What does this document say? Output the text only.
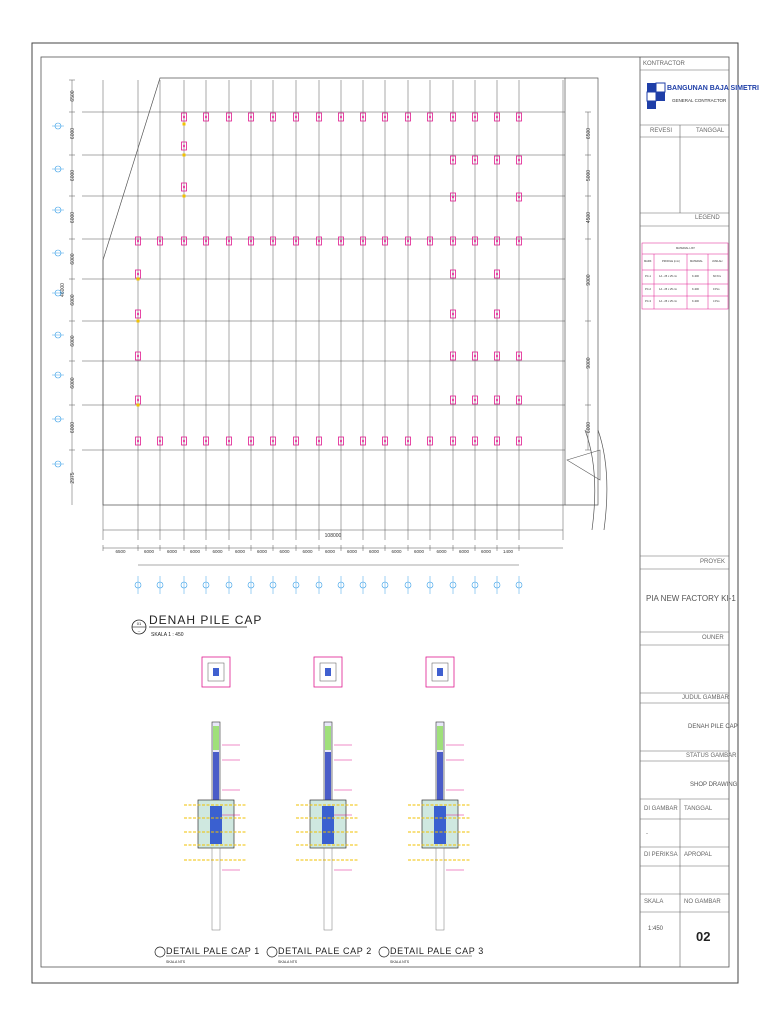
6500
6000
6000
6000
6000
6000
6000
6000
6000
46000
2975
6500
5000
4500
9000
9000
6000
6500	6000	6000	6000	6000	6000	6000	6000	6000	6000	6000	6000	6000	6000	6000	6000	6000	1400
108000
01
--
DENAH PILE CAP
SKALA 1 : 450
DETAIL PALE CAP 1
SKALA NTS
DETAIL PALE CAP 2
SKALA NTS
DETAIL PALE CAP 3
SKALA NTS
KONTRACTOR
BANGUNAN BAJA SIMETRI
GENERAL CONTRACTOR
REVESI	TANGGAL
LEGEND
MATERIAL LIST
MARK	PROFILE (mm)	MATERIAL	JUMLAH
PC-1	1A - 25 x 25 cm	K-300	60 Pcs
PC-2	1A - 25 x 25 cm	K-300	9 Pcs
PC-3	1A - 25 x 25 cm	K-300	4 Pcs
PROYEK
PIA NEW FACTORY KI-1
OUNER
JUDUL GAMBAR
DENAH PILE CAP
STATUS GAMBAR
SHOP DRAWING
DI GAMBAR TANGGAL
-
DI PERIKSA APROPAL
SKALA	NO GAMBAR
1:450	02
